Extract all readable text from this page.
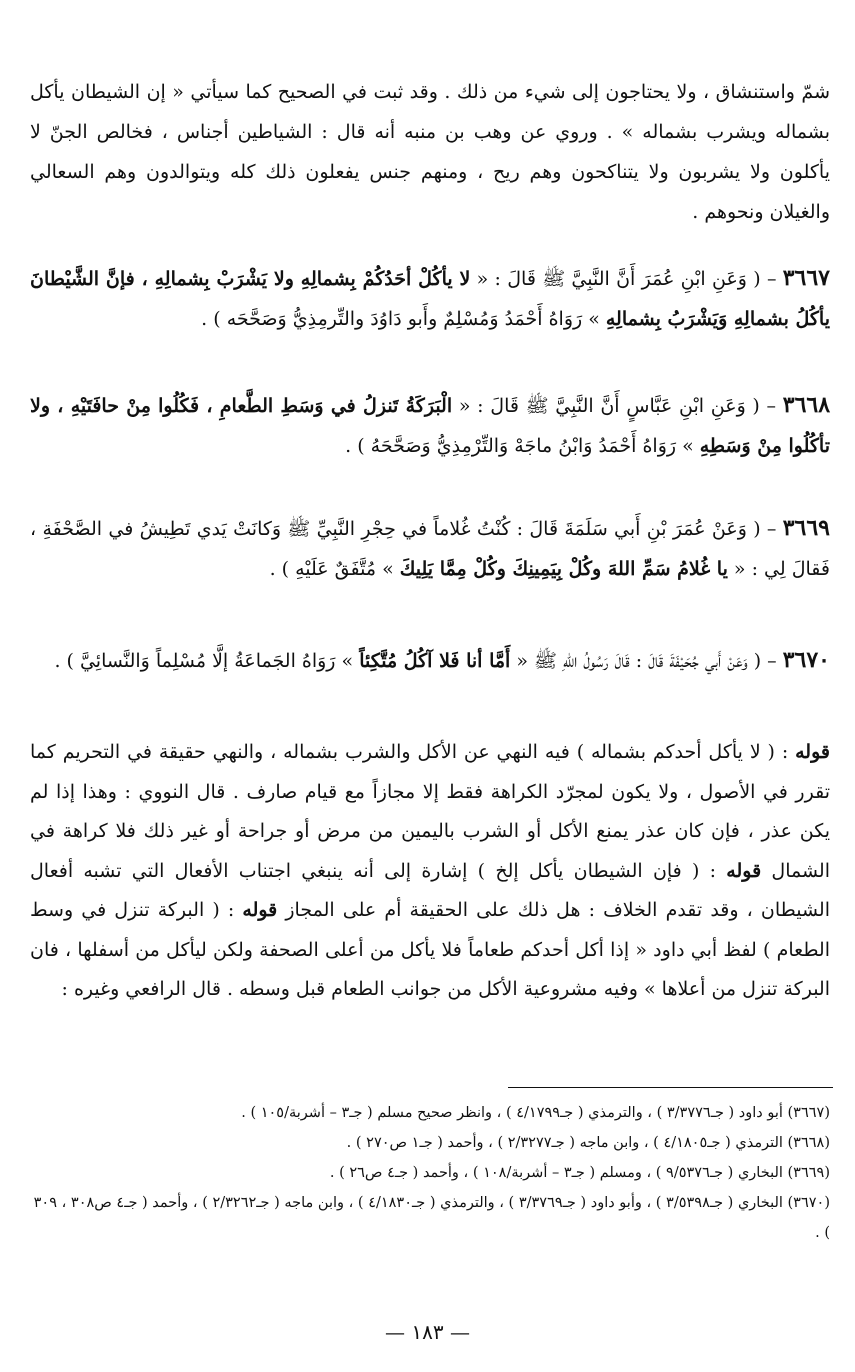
شمّ واستنشاق ، ولا يحتاجون إلى شيء من ذلك . وقد ثبت في الصحيح كما سيأتي « إن الشيطان يأكل بشماله ويشرب بشماله » . وروي عن وهب بن منبه أنه قال : الشياطين أجناس ، فخالص الجنّ لا يأكلون ولا يشربون ولا يتناكحون وهم ريح ، ومنهم جنس يفعلون ذلك كله ويتوالدون وهم السعالي والغيلان ونحوهم .

٣٦٦٧ – ( وَعَنِ ابْنِ عُمَرَ أَنَّ النَّبِيَّ ﷺ قَالَ : « لا يأكُلْ أحَدُكُمْ بِشمالِهِ ولا يَشْرَبْ بِشمالِهِ ، فإنَّ الشَّيْطانَ يأكُلُ بشمالِهِ وَيَشْرَبُ بِشمالِهِ » رَوَاهُ أَحْمَدُ وَمُسْلِمٌ وأَبو دَاوُدَ والتِّرمِذِيُّ وَصَحَّحَه ) .

٣٦٦٨ – ( وَعَنِ ابْنِ عَبَّاسٍ أَنَّ النَّبِيَّ ﷺ قَالَ : « الْبَرَكَةُ تَنزلُ في وَسَطِ الطَّعامِ ، فَكُلُوا مِنْ حافَتَيْهِ ، ولا تأكُلُوا مِنْ وَسَطِهِ » رَوَاهُ أَحْمَدُ وَابْنُ ماجَهْ وَالتِّرْمِذِيُّ وَصَحَّحَهُ ) .

٣٦٦٩ – ( وَعَنْ عُمَرَ بْنِ أَبي سَلَمَةَ قَالَ : كُنْتُ غُلاماً في حِجْرِ النَّبِيِّ ﷺ وَكانَتْ يَدي تَطِيشُ في الصَّحْفَةِ ، فَقالَ لِي : « يا غُلامُ سَمِّ اللهَ وكُلْ بِيَمِينِكَ وكُلْ مِمَّا يَلِيكَ » مُتَّفَقٌ عَلَيْهِ ) .

٣٦٧٠ – ( وَعَنْ أَبي جُحَيْفَةَ قَالَ : قَالَ رَسُولُ اللهِ ﷺ « أَمَّا أنا فَلا آكُلُ مُتَّكِئاً » رَوَاهُ الجَماعَةُ إلَّا مُسْلِماً وَالنَّسائِيَّ ) .

قوله : ( لا يأكل أحدكم بشماله ) فيه النهي عن الأكل والشرب بشماله ، والنهي حقيقة في التحريم كما تقرر في الأصول ، ولا يكون لمجرّد الكراهة فقط إلا مجازاً مع قيام صارف . قال النووي : وهذا إذا لم يكن عذر ، فإن كان عذر يمنع الأكل أو الشرب باليمين من مرض أو جراحة أو غير ذلك فلا كراهة في الشمال قوله : ( فإن الشيطان يأكل إلخ ) إشارة إلى أنه ينبغي اجتناب الأفعال التي تشبه أفعال الشيطان ، وقد تقدم الخلاف : هل ذلك على الحقيقة أم على المجاز قوله : ( البركة تنزل في وسط الطعام ) لفظ أبي داود « إذا أكل أحدكم طعاماً فلا يأكل من أعلى الصحفة ولكن ليأكل من أسفلها ، فان البركة تنزل من أعلاها » وفيه مشروعية الأكل من جوانب الطعام قبل وسطه . قال الرافعي وغيره :

(٣٦٦٧) أبو داود ( جـ٣/٣٧٧٦ ) ، والترمذي ( جـ٤/١٧٩٩ ) ، وانظر صحيح مسلم ( جـ٣ – أشربة/١٠٥ ) .

(٣٦٦٨) الترمذي ( جـ٤/١٨٠٥ ) ، وابن ماجه ( جـ٢/٣٢٧٧ ) ، وأحمد ( جـ١ ص٢٧٠ ) .

(٣٦٦٩) البخاري ( جـ٩/٥٣٧٦ ) ، ومسلم ( جـ٣ – أشربة/١٠٨ ) ، وأحمد ( جـ٤ ص٢٦ ) .

(٣٦٧٠) البخاري ( جـ٣/٥٣٩٨ ) ، وأبو داود ( جـ٣/٣٧٦٩ ) ، والترمذي ( جـ٤/١٨٣٠ ) ، وابن ماجه ( جـ٢/٣٢٦٢ ) ، وأحمد ( جـ٤ ص٣٠٨ ، ٣٠٩ ) .

— ١٨٣ —
